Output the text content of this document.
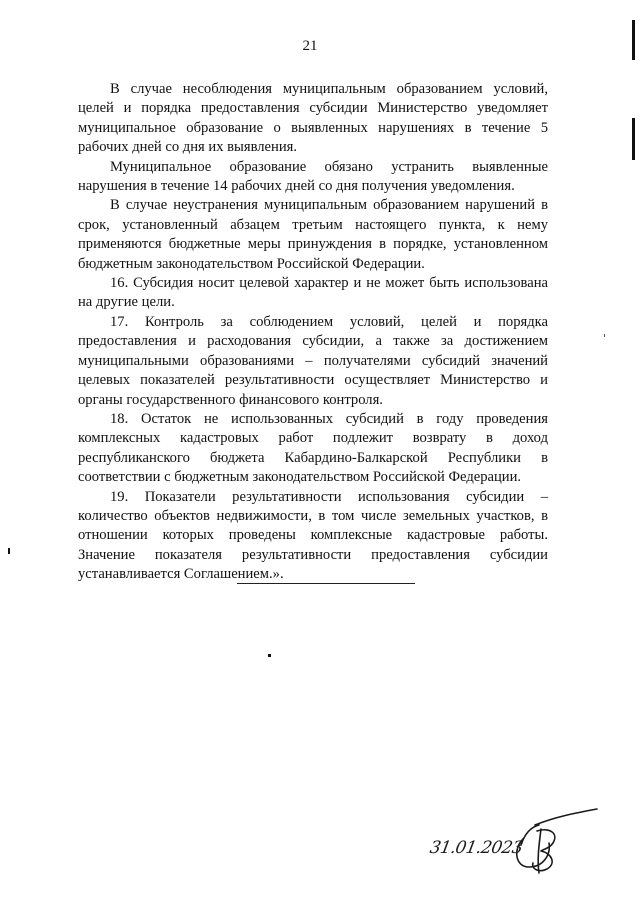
21

В случае несоблюдения муниципальным образованием условий, целей и порядка предоставления субсидии Министерство уведомляет муниципальное образование о выявленных нарушениях в течение 5 рабочих дней со дня их выявления.

Муниципальное образование обязано устранить выявленные нарушения в течение 14 рабочих дней со дня получения уведомления.

В случае неустранения муниципальным образованием нарушений в срок, установленный абзацем третьим настоящего пункта, к нему применяются бюджетные меры принуждения в порядке, установленном бюджетным законодательством Российской Федерации.

16. Субсидия носит целевой характер и не может быть использована на другие цели.

17. Контроль за соблюдением условий, целей и порядка предоставления и расходования субсидии, а также за достижением муниципальными образованиями – получателями субсидий значений целевых показателей результативности осуществляет Министерство и органы государственного финансового контроля.

18. Остаток не использованных субсидий в году проведения комплексных кадастровых работ подлежит возврату в доход республиканского бюджета Кабардино-Балкарской Республики в соответствии с бюджетным законодательством Российской Федерации.

19. Показатели результативности использования субсидии – количество объектов недвижимости, в том числе земельных участков, в отношении которых проведены комплексные кадастровые работы. Значение показателя результативности предоставления субсидии устанавливается Соглашением.».

31.01.2023
